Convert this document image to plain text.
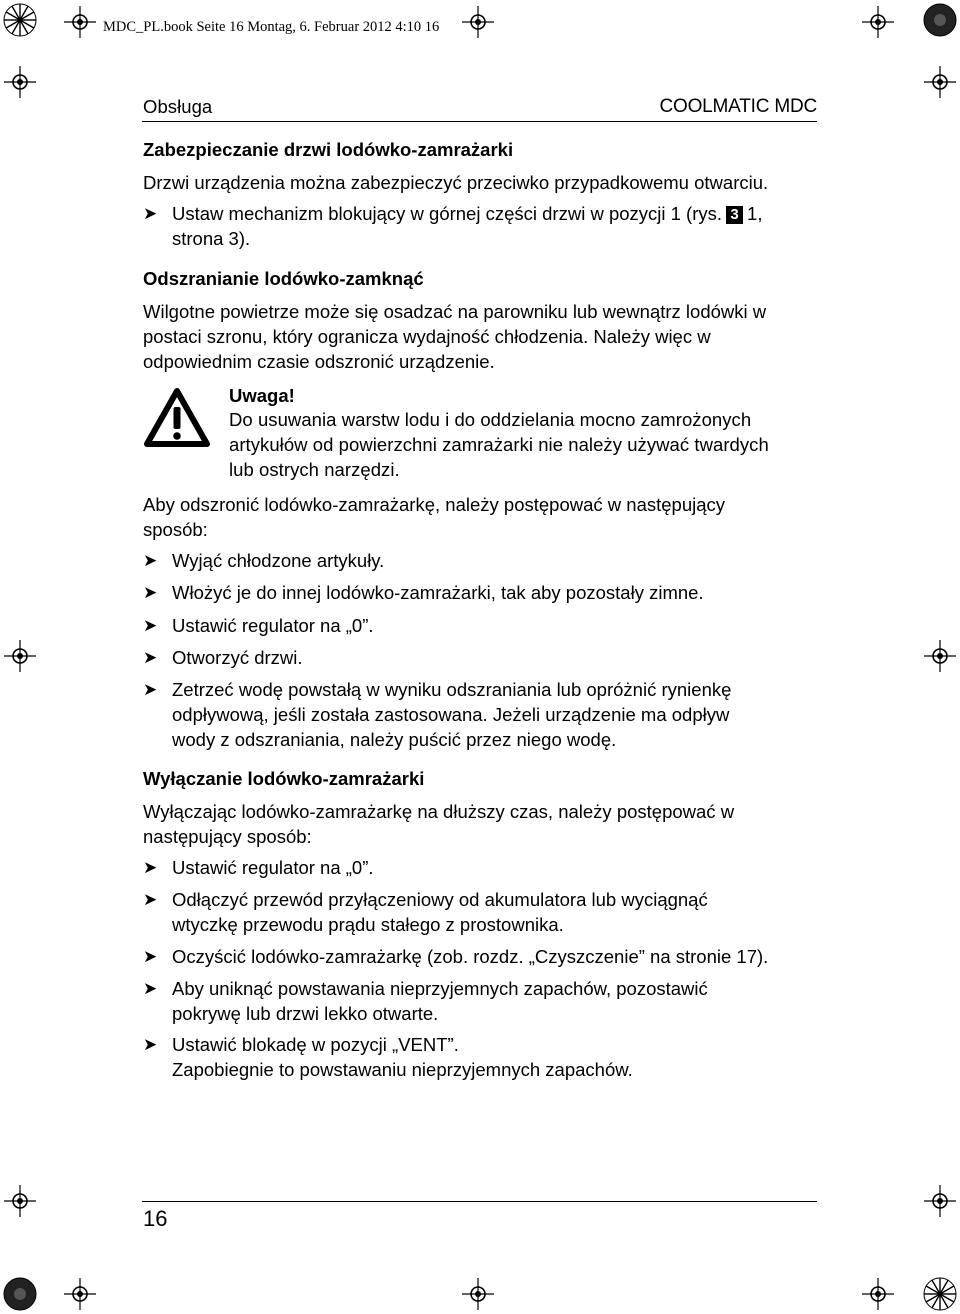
MDC_PL.book Seite 16 Montag, 6. Februar 2012 4:10 16
Obsługa	COOLMATIC MDC
Zabezpieczanie drzwi lodówko-zamrażarki
Drzwi urządzenia można zabezpieczyć przeciwko przypadkowemu otwarciu.
➤ Ustaw mechanizm blokujący w górnej części drzwi w pozycji 1 (rys. 3 1,
strona 3).
Odszranianie lodówko-zamknąć
Wilgotne powietrze może się osadzać na parowniku lub wewnątrz lodówki w
postaci szronu, który ogranicza wydajność chłodzenia. Należy więc w
odpowiednim czasie odszronić urządzenie.
Uwaga!
Do usuwania warstw lodu i do oddzielania mocno zamrożonych
artykułów od powierzchni zamrażarki nie należy używać twardych
lub ostrych narzędzi.
Aby odszronić lodówko-zamrażarkę, należy postępować w następujący
sposób:
➤ Wyjąć chłodzone artykuły.
➤ Włożyć je do innej lodówko-zamrażarki, tak aby pozostały zimne.
➤ Ustawić regulator na „0”.
➤ Otworzyć drzwi.
➤ Zetrzeć wodę powstałą w wyniku odszraniania lub opróżnić rynienkę
odpływową, jeśli została zastosowana. Jeżeli urządzenie ma odpływ
wody z odszraniania, należy puścić przez niego wodę.
Wyłączanie lodówko-zamrażarki
Wyłączając lodówko-zamrażarkę na dłuższy czas, należy postępować w
następujący sposób:
➤ Ustawić regulator na „0”.
➤ Odłączyć przewód przyłączeniowy od akumulatora lub wyciągnąć
wtyczkę przewodu prądu stałego z prostownika.
➤ Oczyścić lodówko-zamrażarkę (zob. rozdz. „Czyszczenie” na stronie 17).
➤ Aby uniknąć powstawania nieprzyjemnych zapachów, pozostawić
pokrywę lub drzwi lekko otwarte.
➤ Ustawić blokadę w pozycji „VENT”.
Zapobiegnie to powstawaniu nieprzyjemnych zapachów.
16
